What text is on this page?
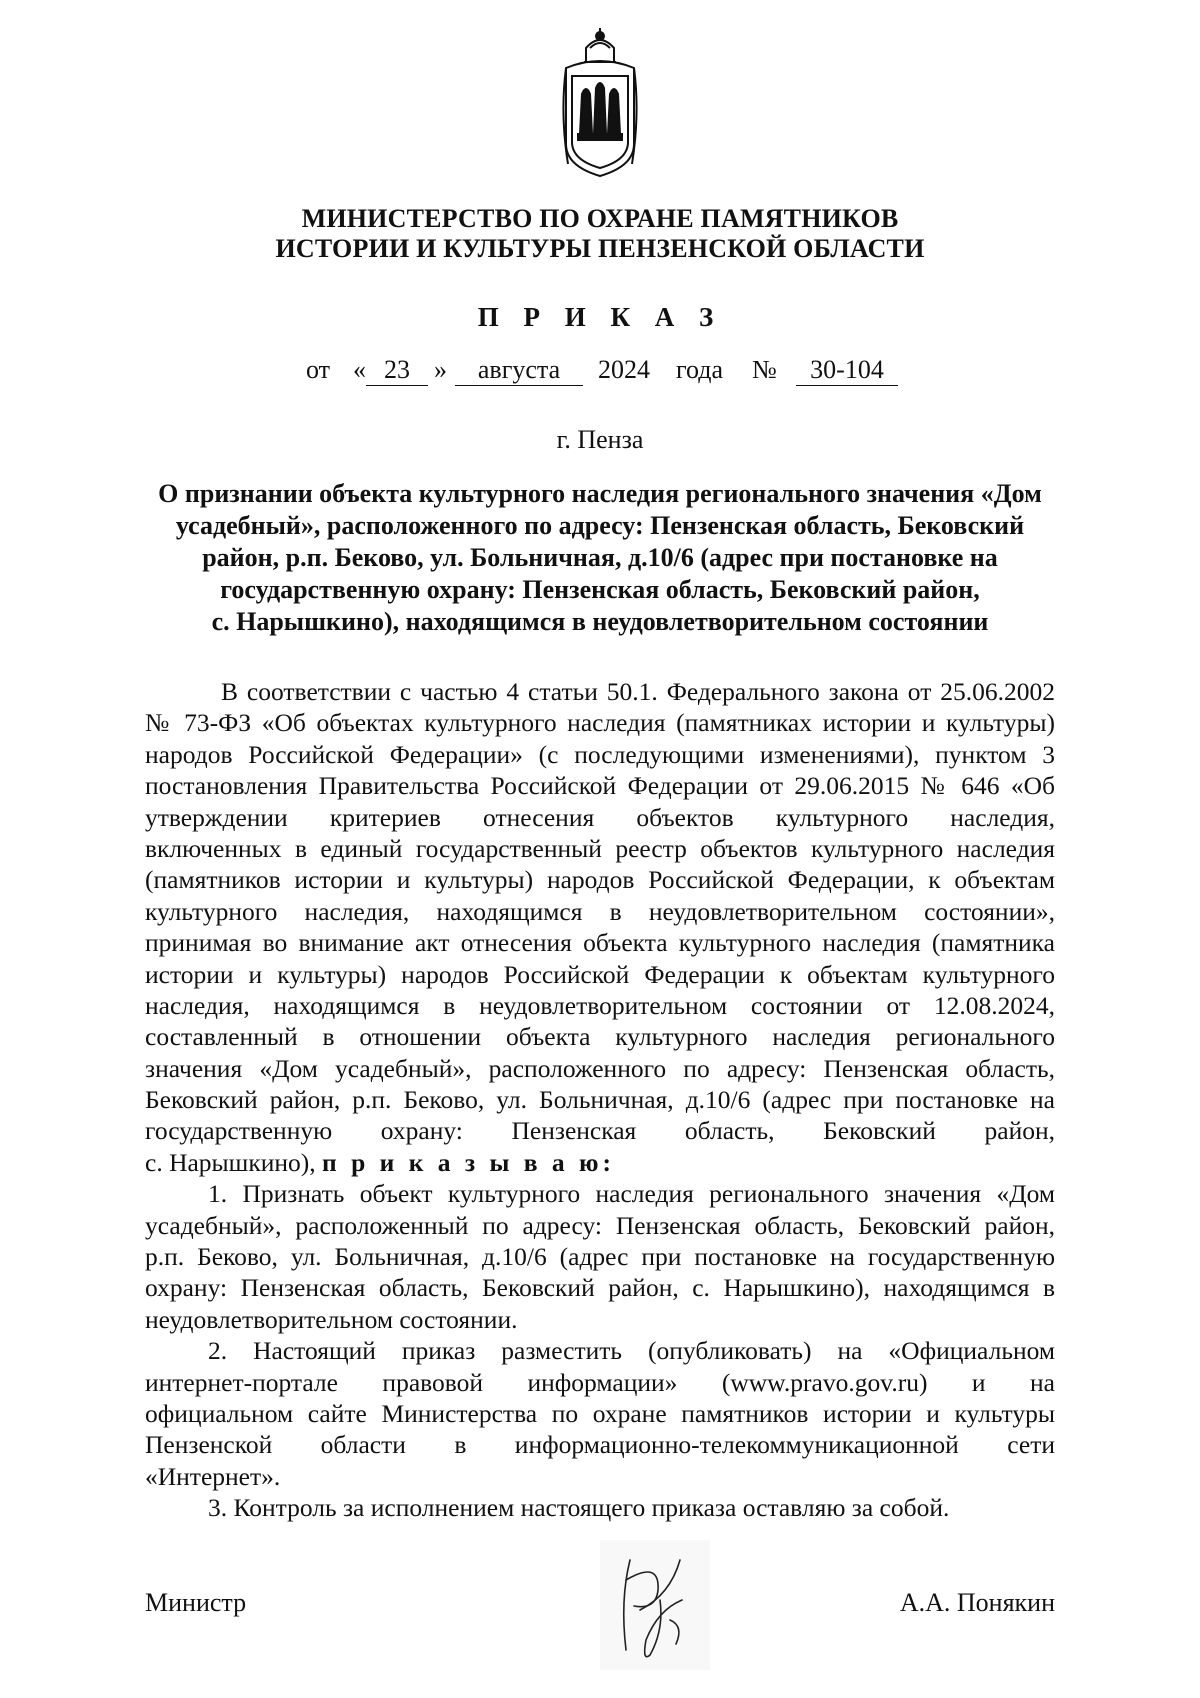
МИНИСТЕРСТВО ПО ОХРАНЕ ПАМЯТНИКОВ
ИСТОРИИ И КУЛЬТУРЫ ПЕНЗЕНСКОЙ ОБЛАСТИ
П Р И К А З
от « 23 »	августа	2024 года №	30-104
г. Пенза
О признании объекта культурного наследия регионального значения «Дом
усадебный», расположенного по адресу: Пензенская область, Бековский
район, р.п. Беково, ул. Больничная, д.10/6 (адрес при постановке на
государственную охрану: Пензенская область, Бековский район,
с. Нарышкино), находящимся в неудовлетворительном состоянии
В соответствии с частью 4 статьи 50.1. Федерального закона от 25.06.2002
№ 73-ФЗ «Об объектах культурного наследия (памятниках истории и культуры)
народов Российской Федерации» (с последующими изменениями), пунктом 3
постановления Правительства Российской Федерации от 29.06.2015 № 646 «Об
утверждении критериев отнесения объектов культурного наследия,
включенных в единый государственный реестр объектов культурного наследия
(памятников истории и культуры) народов Российской Федерации, к объектам
культурного наследия, находящимся в неудовлетворительном состоянии»,
принимая во внимание акт отнесения объекта культурного наследия (памятника
истории и культуры) народов Российской Федерации к объектам культурного
наследия, находящимся в неудовлетворительном состоянии от 12.08.2024,
составленный в отношении объекта культурного наследия регионального
значения «Дом усадебный», расположенного по адресу: Пензенская область,
Бековский район, р.п. Беково, ул. Больничная, д.10/6 (адрес при постановке на
государственную охрану: Пензенская область, Бековский район,
с. Нарышкино), п р и к а з ы в а ю:
1. Признать объект культурного наследия регионального значения «Дом
усадебный», расположенный по адресу: Пензенская область, Бековский район,
р.п. Беково, ул. Больничная, д.10/6 (адрес при постановке на государственную
охрану: Пензенская область, Бековский район, с. Нарышкино), находящимся в
неудовлетворительном состоянии.
2. Настоящий приказ разместить (опубликовать) на «Официальном
интернет-портале правовой информации» (www.pravo.gov.ru) и на
официальном сайте Министерства по охране памятников истории и культуры
Пензенской области в информационно-телекоммуникационной сети
«Интернет».
3. Контроль за исполнением настоящего приказа оставляю за собой.
Министр	А.А. Понякин
